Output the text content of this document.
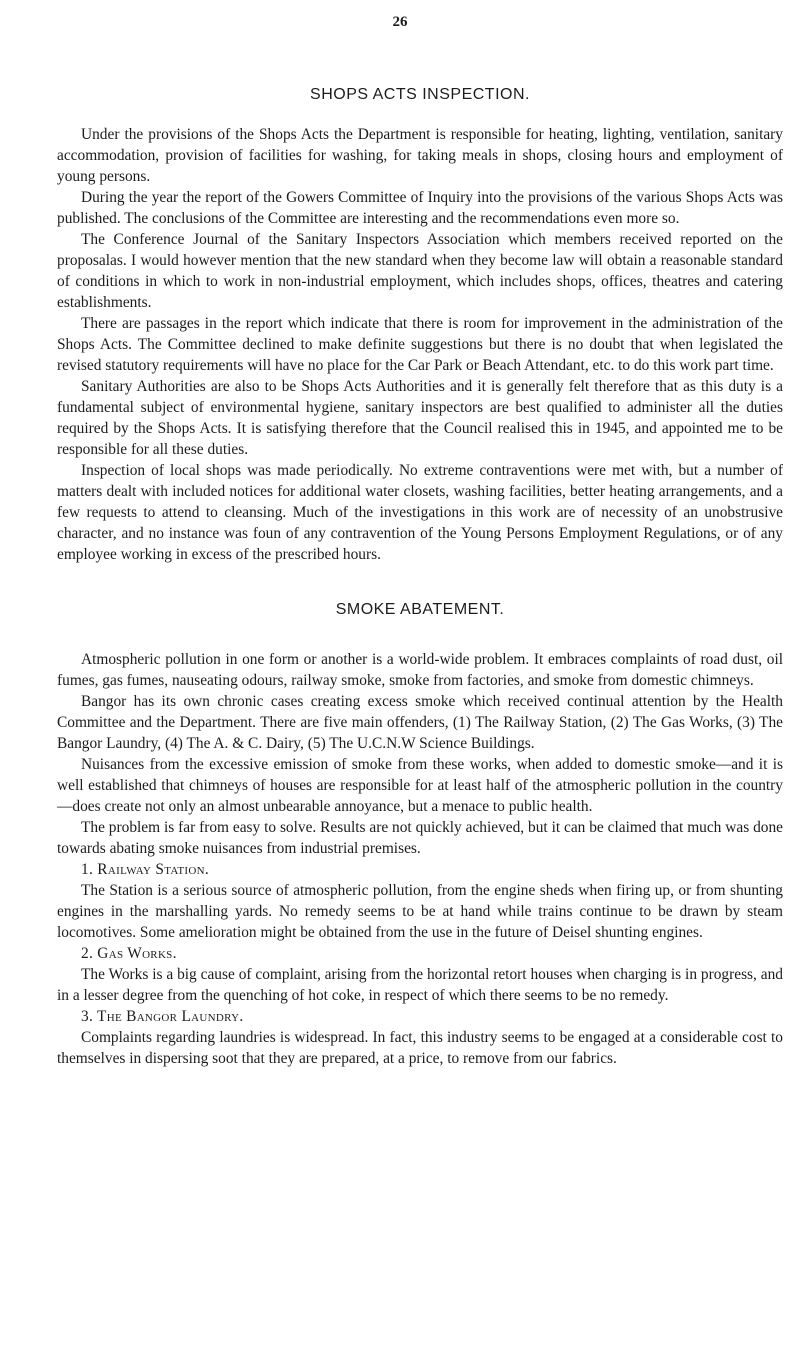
26
SHOPS ACTS INSPECTION.

Under the provisions of the Shops Acts the Department is responsible for heating, lighting, ventilation, sanitary accommodation, provision of facilities for washing, for taking meals in shops, closing hours and employment of young persons.

During the year the report of the Gowers Committee of Inquiry into the provisions of the various Shops Acts was published. The conclusions of the Committee are interesting and the recommendations even more so.

The Conference Journal of the Sanitary Inspectors Association which members received reported on the proposalas. I would however mention that the new standard when they become law will obtain a reasonable standard of conditions in which to work in non-industrial employment, which includes shops, offices, theatres and catering establishments.

There are passages in the report which indicate that there is room for improvement in the administration of the Shops Acts. The Committee declined to make definite suggestions but there is no doubt that when legislated the revised statutory requirements will have no place for the Car Park or Beach Attendant, etc. to do this work part time.

Sanitary Authorities are also to be Shops Acts Authorities and it is generally felt therefore that as this duty is a fundamental subject of environmental hygiene, sanitary inspectors are best qualified to administer all the duties required by the Shops Acts. It is satisfying therefore that the Council realised this in 1945, and appointed me to be responsible for all these duties.

Inspection of local shops was made periodically. No extreme contraventions were met with, but a number of matters dealt with included notices for additional water closets, washing facilities, better heating arrangements, and a few requests to attend to cleansing. Much of the investigations in this work are of necessity of an unobstrusive character, and no instance was foun of any contravention of the Young Persons Employment Regulations, or of any employee working in excess of the prescribed hours.

SMOKE ABATEMENT.

Atmospheric pollution in one form or another is a world-wide problem. It embraces complaints of road dust, oil fumes, gas fumes, nauseating odours, railway smoke, smoke from factories, and smoke from domestic chimneys.

Bangor has its own chronic cases creating excess smoke which received continual attention by the Health Committee and the Department. There are five main offenders, (1) The Railway Station, (2) The Gas Works, (3) The Bangor Laundry, (4) The A. & C. Dairy, (5) The U.C.N.W Science Buildings.

Nuisances from the excessive emission of smoke from these works, when added to domestic smoke—and it is well established that chimneys of houses are responsible for at least half of the atmospheric pollution in the country—does create not only an almost unbearable annoyance, but a menace to public health.

The problem is far from easy to solve. Results are not quickly achieved, but it can be claimed that much was done towards abating smoke nuisances from industrial premises.

1. Railway Station.

The Station is a serious source of atmospheric pollution, from the engine sheds when firing up, or from shunting engines in the marshalling yards. No remedy seems to be at hand while trains continue to be drawn by steam locomotives. Some amelioration might be obtained from the use in the future of Deisel shunting engines.

2. Gas Works.

The Works is a big cause of complaint, arising from the horizontal retort houses when charging is in progress, and in a lesser degree from the quenching of hot coke, in respect of which there seems to be no remedy.

3. The Bangor Laundry.

Complaints regarding laundries is widespread. In fact, this industry seems to be engaged at a considerable cost to themselves in dispersing soot that they are prepared, at a price, to remove from our fabrics.
